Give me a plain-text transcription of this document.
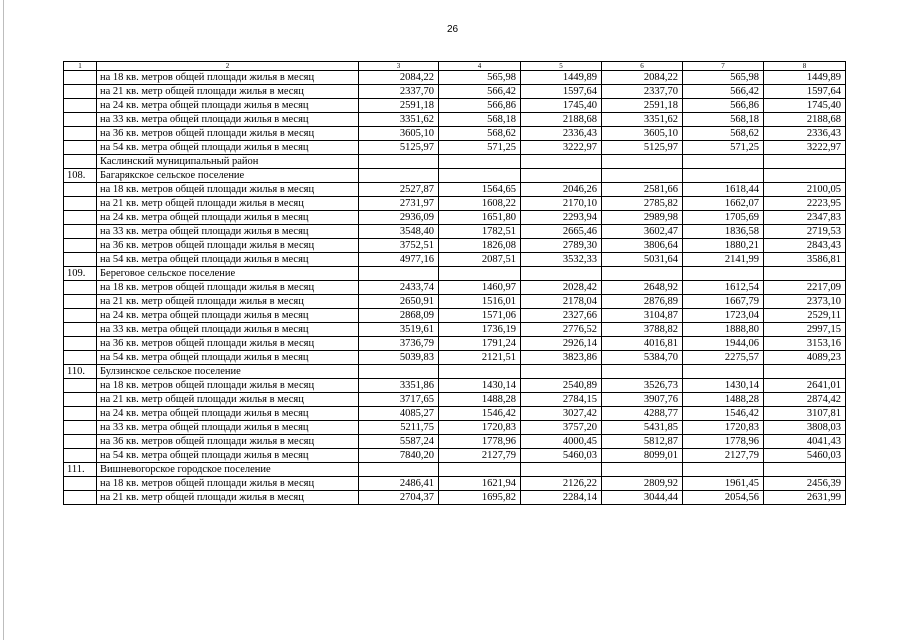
26
1	2	3	4	5	6	7	8
	на 18 кв. метров общей площади жилья в месяц	2084,22	565,98	1449,89	2084,22	565,98	1449,89
	на 21 кв. метр общей площади жилья в месяц	2337,70	566,42	1597,64	2337,70	566,42	1597,64
	на 24 кв. метра общей площади жилья в месяц	2591,18	566,86	1745,40	2591,18	566,86	1745,40
	на 33 кв. метра общей площади жилья в месяц	3351,62	568,18	2188,68	3351,62	568,18	2188,68
	на 36 кв. метров общей площади жилья в месяц	3605,10	568,62	2336,43	3605,10	568,62	2336,43
	на 54 кв. метра общей площади жилья в месяц	5125,97	571,25	3222,97	5125,97	571,25	3222,97
	Каслинский муниципальный район						
108.	Багарякское сельское поселение						
	на 18 кв. метров общей площади жилья в месяц	2527,87	1564,65	2046,26	2581,66	1618,44	2100,05
	на 21 кв. метр общей площади жилья в месяц	2731,97	1608,22	2170,10	2785,82	1662,07	2223,95
	на 24 кв. метра общей площади жилья в месяц	2936,09	1651,80	2293,94	2989,98	1705,69	2347,83
	на 33 кв. метра общей площади жилья в месяц	3548,40	1782,51	2665,46	3602,47	1836,58	2719,53
	на 36 кв. метров общей площади жилья в месяц	3752,51	1826,08	2789,30	3806,64	1880,21	2843,43
	на 54 кв. метра общей площади жилья в месяц	4977,16	2087,51	3532,33	5031,64	2141,99	3586,81
109.	Береговое сельское поселение						
	на 18 кв. метров общей площади жилья в месяц	2433,74	1460,97	2028,42	2648,92	1612,54	2217,09
	на 21 кв. метр общей площади жилья в месяц	2650,91	1516,01	2178,04	2876,89	1667,79	2373,10
	на 24 кв. метра общей площади жилья в месяц	2868,09	1571,06	2327,66	3104,87	1723,04	2529,11
	на 33 кв. метра общей площади жилья в месяц	3519,61	1736,19	2776,52	3788,82	1888,80	2997,15
	на 36 кв. метров общей площади жилья в месяц	3736,79	1791,24	2926,14	4016,81	1944,06	3153,16
	на 54 кв. метра общей площади жилья в месяц	5039,83	2121,51	3823,86	5384,70	2275,57	4089,23
110.	Булзинское сельское поселение						
	на 18 кв. метров общей площади жилья в месяц	3351,86	1430,14	2540,89	3526,73	1430,14	2641,01
	на 21 кв. метр общей площади жилья в месяц	3717,65	1488,28	2784,15	3907,76	1488,28	2874,42
	на 24 кв. метра общей площади жилья в месяц	4085,27	1546,42	3027,42	4288,77	1546,42	3107,81
	на 33 кв. метра общей площади жилья в месяц	5211,75	1720,83	3757,20	5431,85	1720,83	3808,03
	на 36 кв. метров общей площади жилья в месяц	5587,24	1778,96	4000,45	5812,87	1778,96	4041,43
	на 54 кв. метра общей площади жилья в месяц	7840,20	2127,79	5460,03	8099,01	2127,79	5460,03
111.	Вишневогорское городское поселение						
	на 18 кв. метров общей площади жилья в месяц	2486,41	1621,94	2126,22	2809,92	1961,45	2456,39
	на 21 кв. метр общей площади жилья в месяц	2704,37	1695,82	2284,14	3044,44	2054,56	2631,99
